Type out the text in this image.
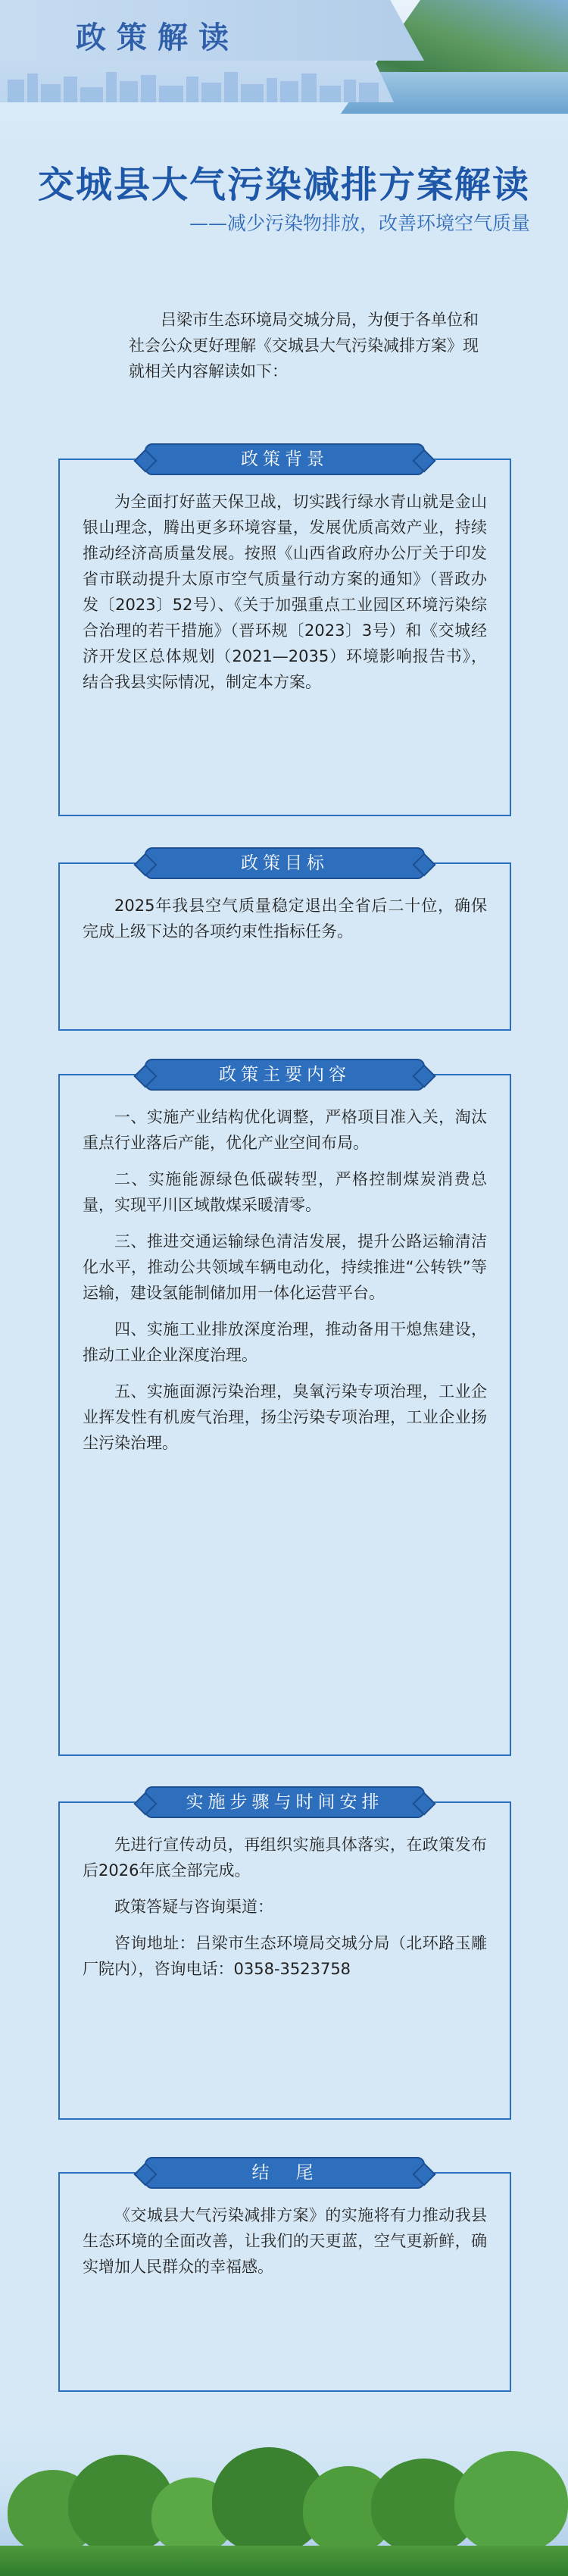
政策解读
交城县大气污染减排方案解读
——减少污染物排放，改善环境空气质量
吕梁市生态环境局交城分局，为便于各单位和社会公众更好理解《交城县大气污染减排方案》现就相关内容解读如下：
政策背景

为全面打好蓝天保卫战，切实践行绿水青山就是金山银山理念，腾出更多环境容量，发展优质高效产业，持续推动经济高质量发展。按照《山西省政府办公厅关于印发省市联动提升太原市空气质量行动方案的通知》（晋政办发〔2023〕52号）、《关于加强重点工业园区环境污染综合治理的若干措施》（晋环规〔2023〕3号）和《交城经济开发区总体规划（2021—2035）环境影响报告书》，结合我县实际情况，制定本方案。

政策目标

2025年我县空气质量稳定退出全省后二十位，确保完成上级下达的各项约束性指标任务。

政策主要内容

一、实施产业结构优化调整，严格项目准入关，淘汰重点行业落后产能，优化产业空间布局。

二、实施能源绿色低碳转型，严格控制煤炭消费总量，实现平川区域散煤采暖清零。

三、推进交通运输绿色清洁发展，提升公路运输清洁化水平，推动公共领域车辆电动化，持续推进“公转铁”等运输，建设氢能制储加用一体化运营平台。

四、实施工业排放深度治理，推动备用干熄焦建设，推动工业企业深度治理。

五、实施面源污染治理，臭氧污染专项治理，工业企业挥发性有机废气治理，扬尘污染专项治理，工业企业扬尘污染治理。

实施步骤与时间安排

先进行宣传动员，再组织实施具体落实，在政策发布后2026年底全部完成。

政策答疑与咨询渠道：

咨询地址：吕梁市生态环境局交城分局（北环路玉雕厂院内），咨询电话：0358-3523758

结　尾

《交城县大气污染减排方案》的实施将有力推动我县生态环境的全面改善，让我们的天更蓝，空气更新鲜，确实增加人民群众的幸福感。
